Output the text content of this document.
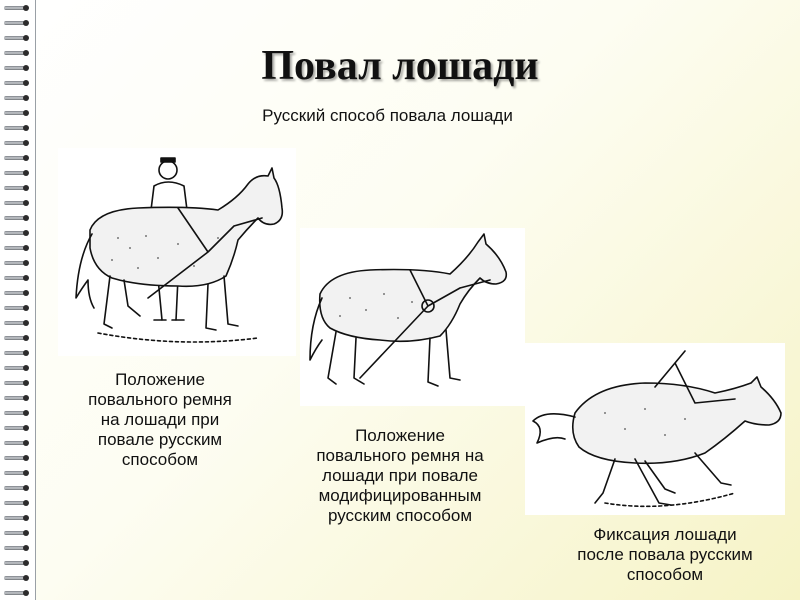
Повал лошади
Русский способ повала лошади
Положение
повального ремня
на лошади при
повале русским
способом
Положение
повального ремня на
лошади при повале
модифицированным
русским способом
Фиксация лошади
после повала русским
способом
